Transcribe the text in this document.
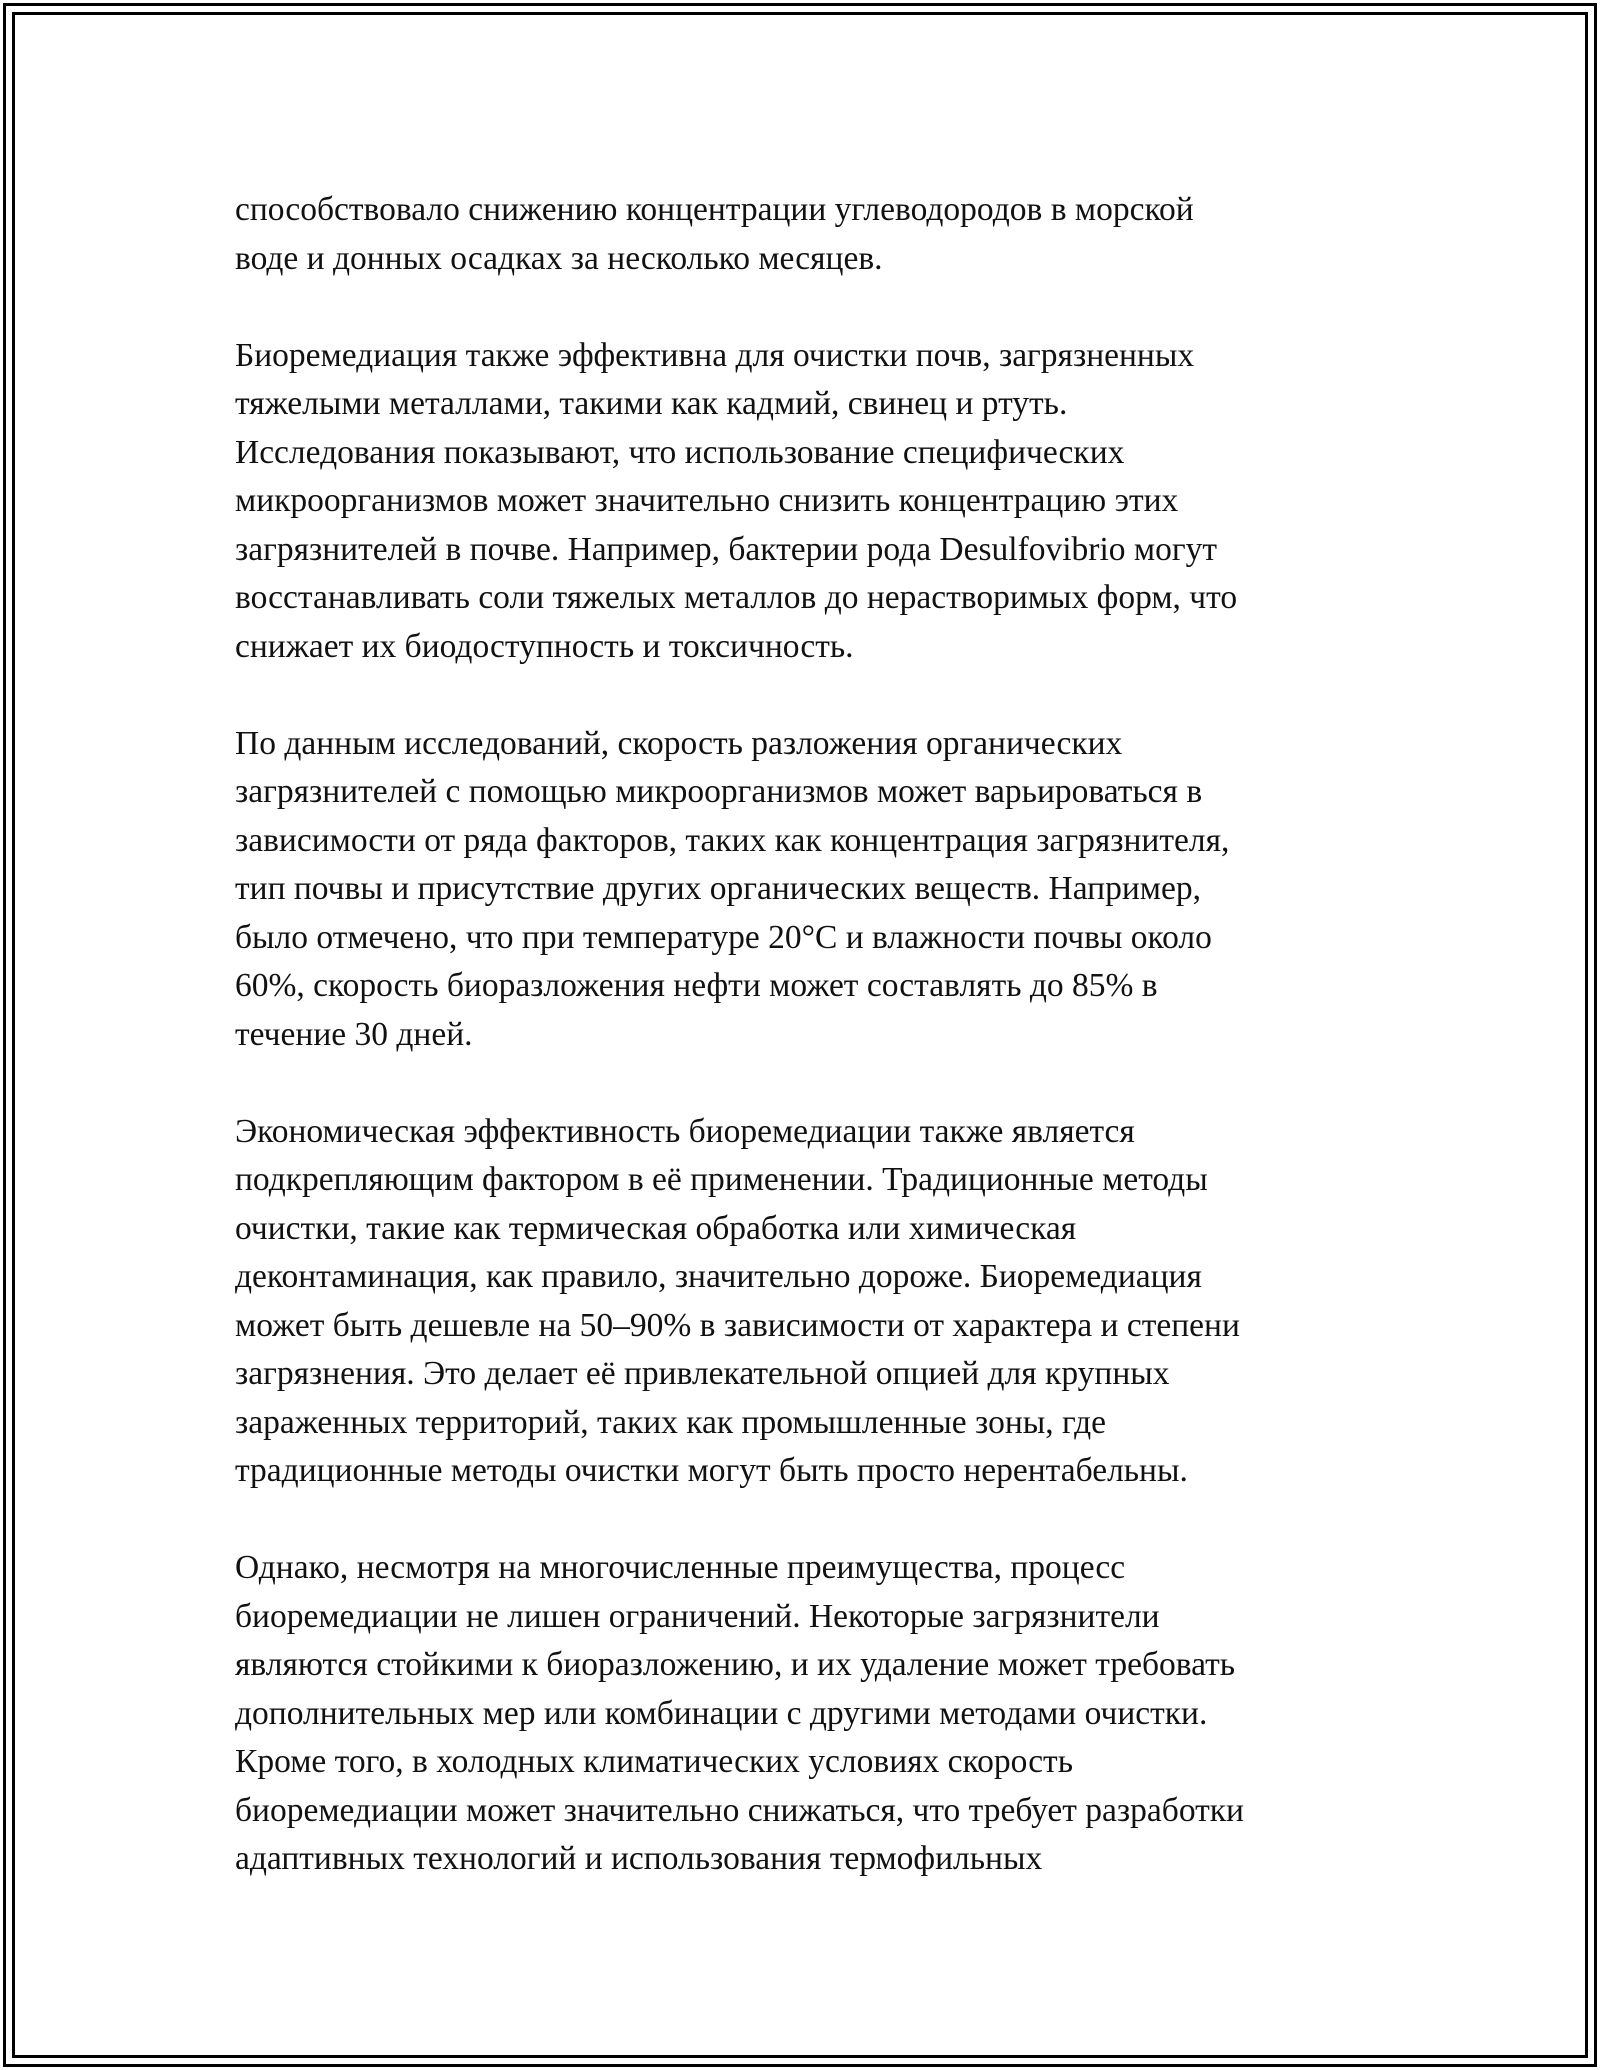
способствовало снижению концентрации углеводородов в морской
воде и донных осадках за несколько месяцев.

Биоремедиация также эффективна для очистки почв, загрязненных
тяжелыми металлами, такими как кадмий, свинец и ртуть.
Исследования показывают, что использование специфических
микроорганизмов может значительно снизить концентрацию этих
загрязнителей в почве. Например, бактерии рода Desulfovibrio могут
восстанавливать соли тяжелых металлов до нерастворимых форм, что
снижает их биодоступность и токсичность.

По данным исследований, скорость разложения органических
загрязнителей с помощью микроорганизмов может варьироваться в
зависимости от ряда факторов, таких как концентрация загрязнителя,
тип почвы и присутствие других органических веществ. Например,
было отмечено, что при температуре 20°C и влажности почвы около
60%, скорость биоразложения нефти может составлять до 85% в
течение 30 дней.

Экономическая эффективность биоремедиации также является
подкрепляющим фактором в её применении. Традиционные методы
очистки, такие как термическая обработка или химическая
деконтаминация, как правило, значительно дороже. Биоремедиация
может быть дешевле на 50–90% в зависимости от характера и степени
загрязнения. Это делает её привлекательной опцией для крупных
зараженных территорий, таких как промышленные зоны, где
традиционные методы очистки могут быть просто нерентабельны.

Однако, несмотря на многочисленные преимущества, процесс
биоремедиации не лишен ограничений. Некоторые загрязнители
являются стойкими к биоразложению, и их удаление может требовать
дополнительных мер или комбинации с другими методами очистки.
Кроме того, в холодных климатических условиях скорость
биоремедиации может значительно снижаться, что требует разработки
адаптивных технологий и использования термофильных
